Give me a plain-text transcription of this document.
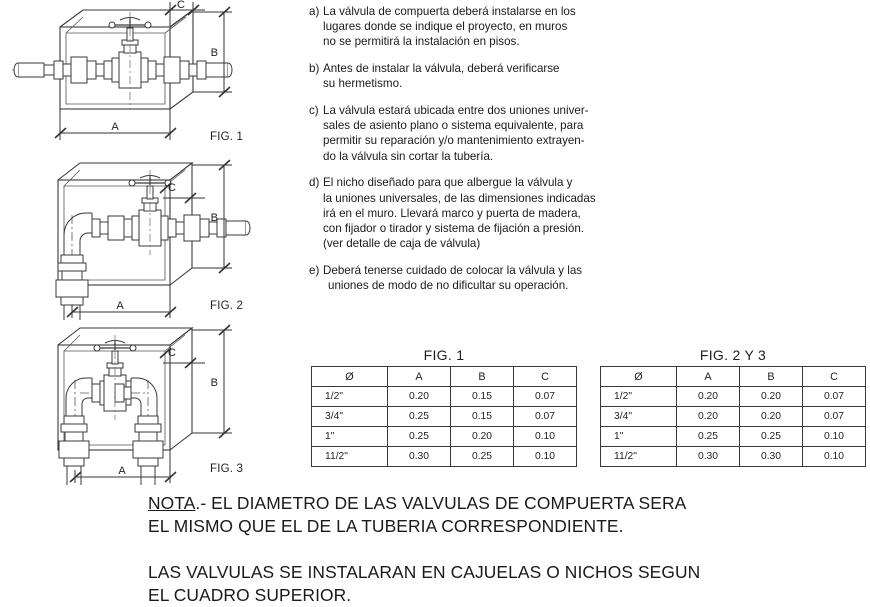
A
B
C
FIG. 1
A
B
C
FIG. 2
A
B
C
FIG. 3
a) La válvula de compuerta deberá instalarse en los
lugares donde se indique el proyecto, en muros
no se permitirá la instalación en pisos.
b) Antes de instalar la válvula, deberá verificarse
su hermetismo.
c) La válvula estará ubicada entre dos uniones univer-
sales de asiento plano o sistema equivalente, para
permitir su reparación y/o mantenimiento extrayen-
do la válvula sin cortar la tubería.
d) El nicho diseñado para que albergue la válvula y
la uniones universales, de las dimensiones indicadas
irá en el muro. Llevará marco y puerta de madera,
con fijador o tirador y sistema de fijación a presión.
(ver detalle de caja de válvula)
e) Deberá tenerse cuidado de colocar la válvula y las
uniones de modo de no dificultar su operación.
FIG. 1
Ø	A	B	C
1/2"	0.20	0.15	0.07
3/4"	0.25	0.15	0.07
1"	0.25	0.20	0.10
11/2"	0.30	0.25	0.10
FIG. 2 Y 3
Ø	A	B	C
1/2"	0.20	0.20	0.07
3/4"	0.20	0.20	0.07
1"	0.25	0.25	0.10
11/2"	0.30	0.30	0.10

NOTA.- EL DIAMETRO DE LAS VALVULAS DE COMPUERTA SERA

EL MISMO QUE EL DE LA TUBERIA CORRESPONDIENTE.

LAS VALVULAS SE INSTALARAN EN CAJUELAS O NICHOS SEGUN

EL CUADRO SUPERIOR.
